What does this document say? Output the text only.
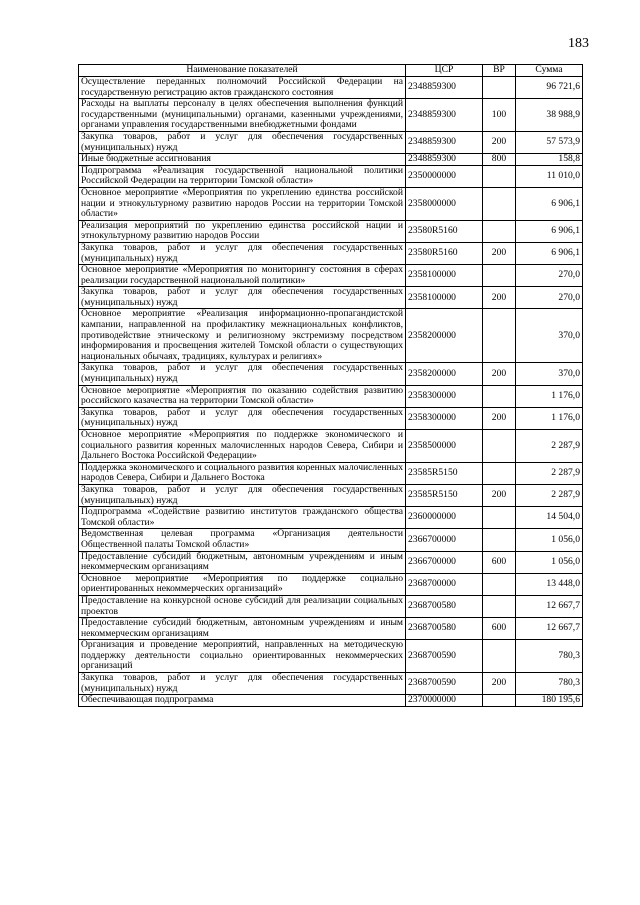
183
Наименование показателей	ЦСР	ВР	Сумма
Осуществление переданных полномочий Российской Федерации на государственную регистрацию актов гражданского состояния	2348859300		96 721,6
Расходы на выплаты персоналу в целях обеспечения выполнения функций государственными (муниципальными) органами, казенными учреждениями, органами управления государственными внебюджетными фондами	2348859300	100	38 988,9
Закупка товаров, работ и услуг для обеспечения государственных (муниципальных) нужд	2348859300	200	57 573,9
Иные бюджетные ассигнования	2348859300	800	158,8
Подпрограмма «Реализация государственной национальной политики Российской Федерации на территории Томской области»	2350000000		11 010,0
Основное мероприятие «Мероприятия по укреплению единства российской нации и этнокультурному развитию народов России на территории Томской области»	2358000000		6 906,1
Реализация мероприятий по укреплению единства российской нации и этнокультурному развитию народов России	23580R5160		6 906,1
Закупка товаров, работ и услуг для обеспечения государственных (муниципальных) нужд	23580R5160	200	6 906,1
Основное мероприятие «Мероприятия по мониторингу состояния в сферах реализации государственной национальной политики»	2358100000		270,0
Закупка товаров, работ и услуг для обеспечения государственных (муниципальных) нужд	2358100000	200	270,0
Основное мероприятие «Реализация информационно-пропагандистской кампании, направленной на профилактику межнациональных конфликтов, противодействие этническому и религиозному экстремизму посредством информирования и просвещения жителей Томской области о существующих национальных обычаях, традициях, культурах и религиях»	2358200000		370,0
Закупка товаров, работ и услуг для обеспечения государственных (муниципальных) нужд	2358200000	200	370,0
Основное мероприятие «Мероприятия по оказанию содействия развитию российского казачества на территории Томской области»	2358300000		1 176,0
Закупка товаров, работ и услуг для обеспечения государственных (муниципальных) нужд	2358300000	200	1 176,0
Основное мероприятие «Мероприятия по поддержке экономического и социального развития коренных малочисленных народов Севера, Сибири и Дальнего Востока Российской Федерации»	2358500000		2 287,9
Поддержка экономического и социального развития коренных малочисленных народов Севера, Сибири и Дальнего Востока	23585R5150		2 287,9
Закупка товаров, работ и услуг для обеспечения государственных (муниципальных) нужд	23585R5150	200	2 287,9
Подпрограмма «Содействие развитию институтов гражданского общества Томской области»	2360000000		14 504,0
Ведомственная целевая программа «Организация деятельности Общественной палаты Томской области»	2366700000		1 056,0
Предоставление субсидий бюджетным, автономным учреждениям и иным некоммерческим организациям	2366700000	600	1 056,0
Основное мероприятие «Мероприятия по поддержке социально ориентированных некоммерческих организаций»	2368700000		13 448,0
Предоставление на конкурсной основе субсидий для реализации социальных проектов	2368700580		12 667,7
Предоставление субсидий бюджетным, автономным учреждениям и иным некоммерческим организациям	2368700580	600	12 667,7
Организация и проведение мероприятий, направленных на методическую поддержку деятельности социально ориентированных некоммерческих организаций	2368700590		780,3
Закупка товаров, работ и услуг для обеспечения государственных (муниципальных) нужд	2368700590	200	780,3
Обеспечивающая подпрограмма	2370000000		180 195,6
